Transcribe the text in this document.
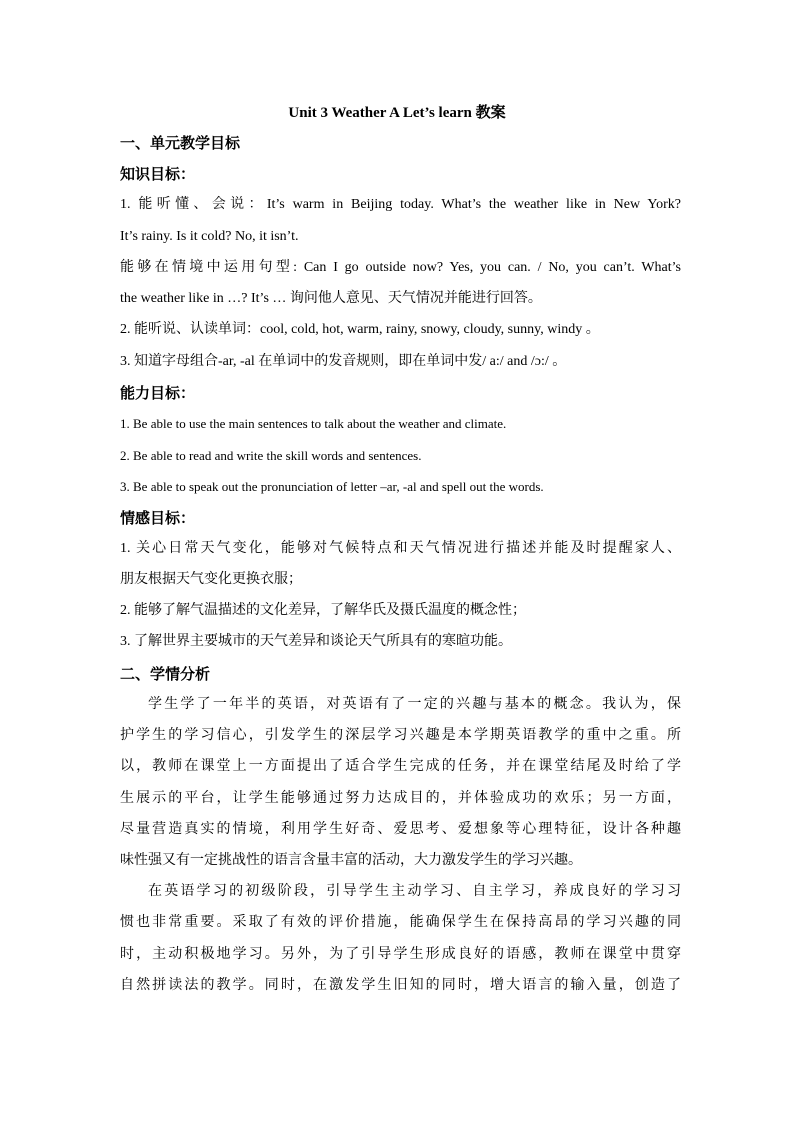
Unit 3 Weather A Let’s learn 教案
一、单元教学目标
知识目标：
1. 能听懂、会说：It’s warm in Beijing today. What’s the weather like in New York?
It’s rainy. Is it cold? No, it isn’t.
能够在情境中运用句型: Can I go outside now? Yes, you can. / No, you can’t. What’s
the weather like in …? It’s … 询问他人意见、天气情况并能进行回答。
2. 能听说、认读单词：cool, cold, hot, warm, rainy, snowy, cloudy, sunny, windy 。
3. 知道字母组合-ar, -al 在单词中的发音规则，即在单词中发/ a:/ and /ɔ:/ 。
能力目标：
1. Be able to use the main sentences to talk about the weather and climate.
2. Be able to read and write the skill words and sentences.
3. Be able to speak out the pronunciation of letter –ar, -al and spell out the words.
情感目标：
1. 关心日常天气变化，能够对气候特点和天气情况进行描述并能及时提醒家人、
朋友根据天气变化更换衣服；
2. 能够了解气温描述的文化差异，了解华氏及摄氏温度的概念性；
3. 了解世界主要城市的天气差异和谈论天气所具有的寒暄功能。
二、学情分析
学生学了一年半的英语，对英语有了一定的兴趣与基本的概念。我认为，保
护学生的学习信心，引发学生的深层学习兴趣是本学期英语教学的重中之重。所
以，教师在课堂上一方面提出了适合学生完成的任务，并在课堂结尾及时给了学
生展示的平台，让学生能够通过努力达成目的，并体验成功的欢乐；另一方面，
尽量营造真实的情境，利用学生好奇、爱思考、爱想象等心理特征，设计各种趣
味性强又有一定挑战性的语言含量丰富的活动，大力激发学生的学习兴趣。
在英语学习的初级阶段，引导学生主动学习、自主学习，养成良好的学习习
惯也非常重要。采取了有效的评价措施，能确保学生在保持高昂的学习兴趣的同
时，主动积极地学习。另外，为了引导学生形成良好的语感，教师在课堂中贯穿
自然拼读法的教学。同时，在激发学生旧知的同时，增大语言的输入量，创造了
